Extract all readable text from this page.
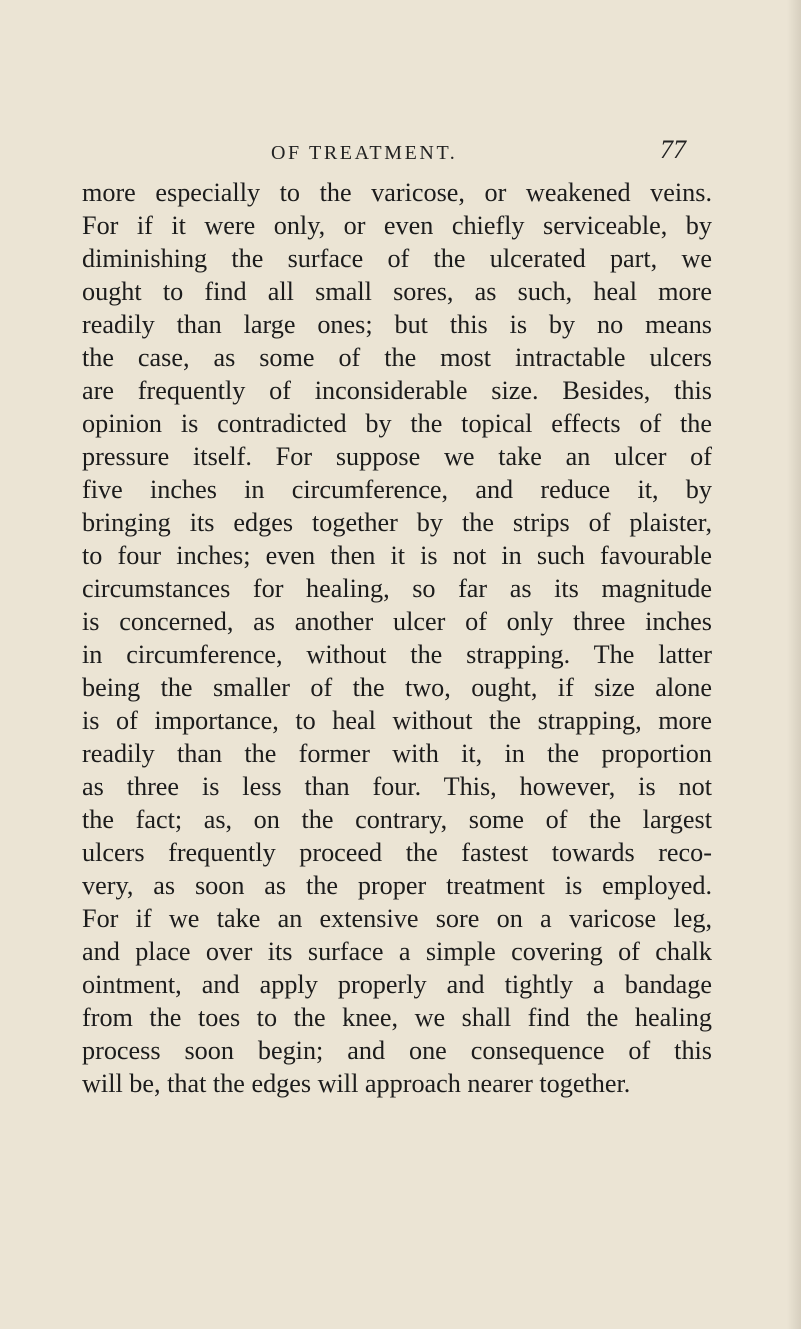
OF TREATMENT.	77
more especially to the varicose, or weakened veins.
For if it were only, or even chiefly serviceable, by
diminishing the surface of the ulcerated part, we
ought to find all small sores, as such, heal more
readily than large ones; but this is by no means
the case, as some of the most intractable ulcers
are frequently of inconsiderable size. Besides, this
opinion is contradicted by the topical effects of the
pressure itself. For suppose we take an ulcer of
five inches in circumference, and reduce it, by
bringing its edges together by the strips of plaister,
to four inches; even then it is not in such favourable
circumstances for healing, so far as its magnitude
is concerned, as another ulcer of only three inches
in circumference, without the strapping. The latter
being the smaller of the two, ought, if size alone
is of importance, to heal without the strapping, more
readily than the former with it, in the proportion
as three is less than four. This, however, is not
the fact; as, on the contrary, some of the largest
ulcers frequently proceed the fastest towards reco-
very, as soon as the proper treatment is employed.
For if we take an extensive sore on a varicose leg,
and place over its surface a simple covering of chalk
ointment, and apply properly and tightly a bandage
from the toes to the knee, we shall find the healing
process soon begin; and one consequence of this
will be, that the edges will approach nearer together.
